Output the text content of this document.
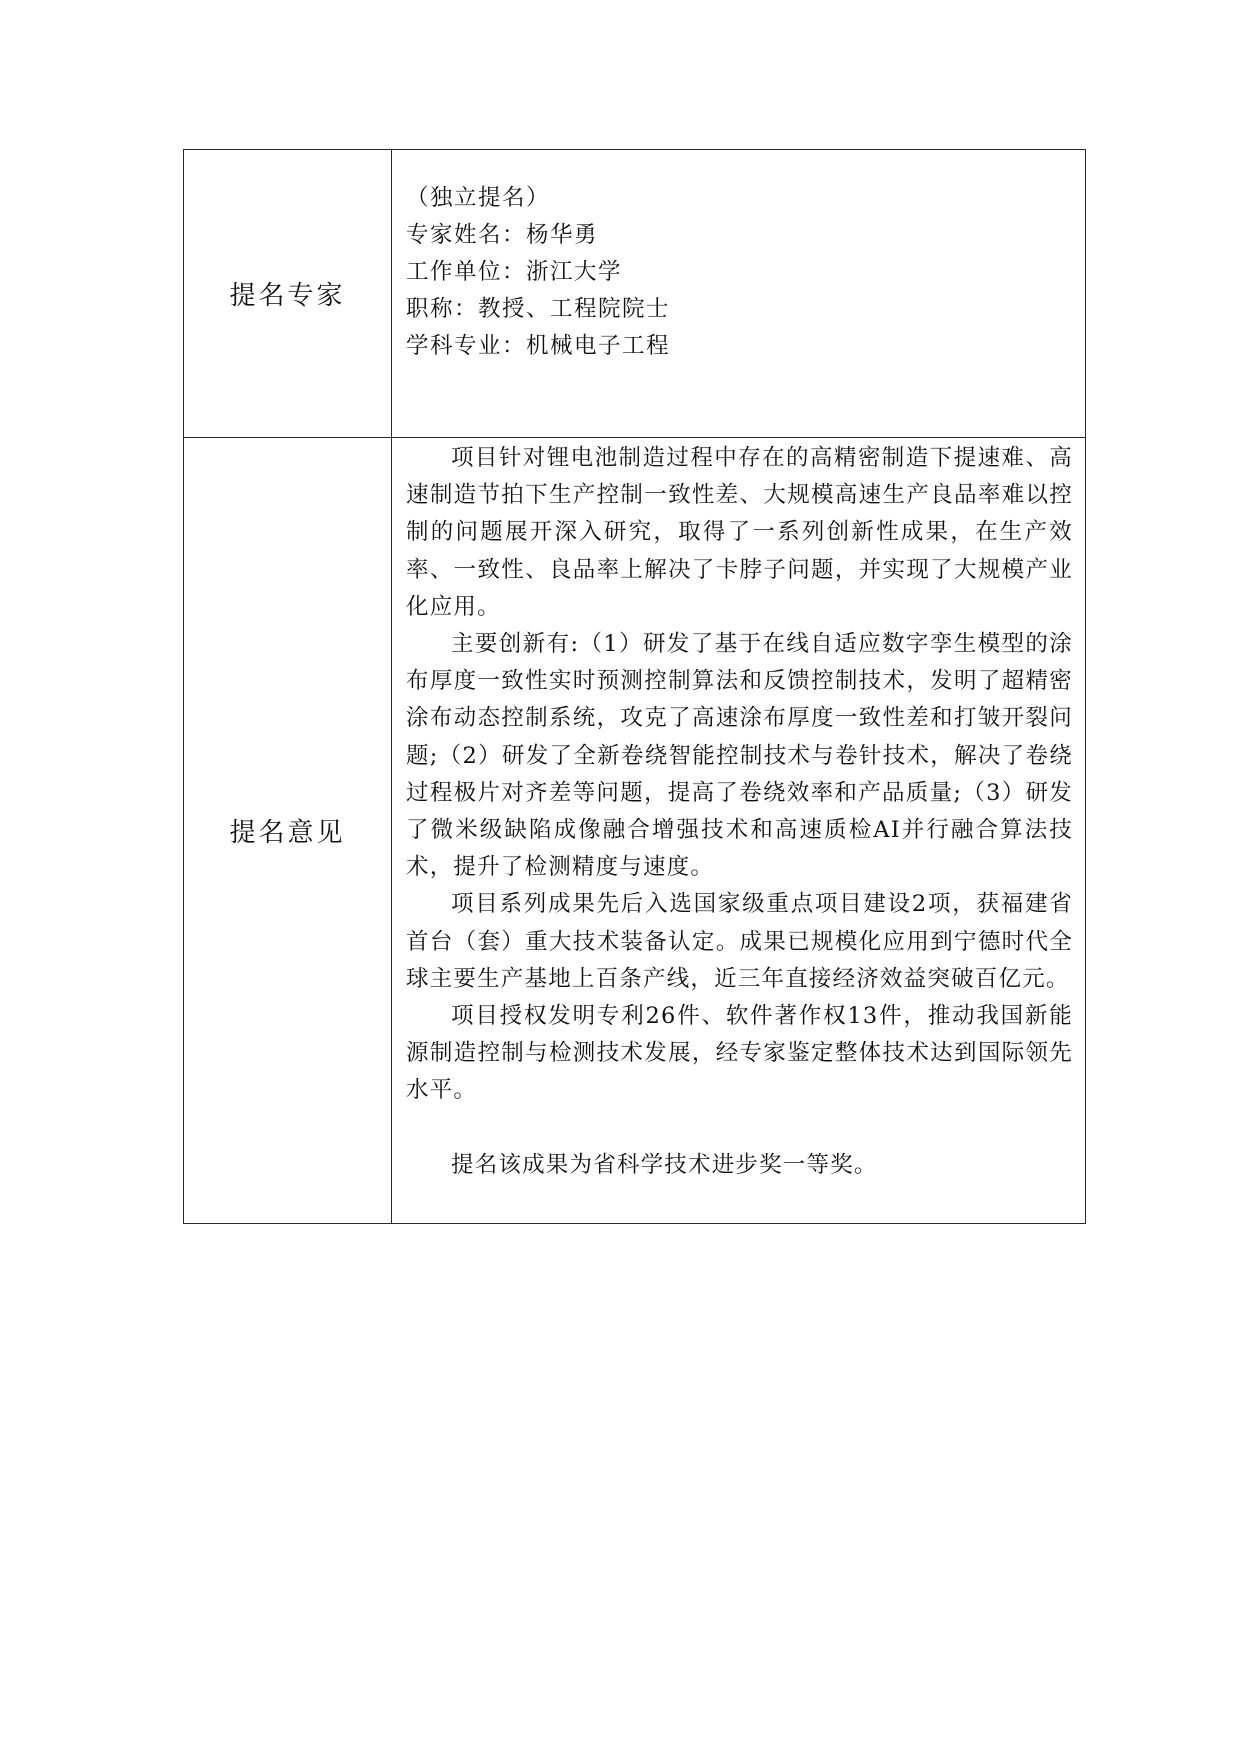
提名专家	（独立提名）
专家姓名：杨华勇
工作单位：浙江大学
职称：教授、工程院院士
学科专业：机械电子工程

提名意见	项目针对锂电池制造过程中存在的高精密制造下提速难、高速制造节拍下生产控制一致性差、大规模高速生产良品率难以控制的问题展开深入研究，取得了一系列创新性成果，在生产效率、一致性、良品率上解决了卡脖子问题，并实现了大规模产业化应用。

主要创新有:（1）研发了基于在线自适应数字孪生模型的涂布厚度一致性实时预测控制算法和反馈控制技术，发明了超精密涂布动态控制系统，攻克了高速涂布厚度一致性差和打皱开裂问题;（2）研发了全新卷绕智能控制技术与卷针技术，解决了卷绕过程极片对齐差等问题，提高了卷绕效率和产品质量;（3）研发了微米级缺陷成像融合增强技术和高速质检AI并行融合算法技术，提升了检测精度与速度。

项目系列成果先后入选国家级重点项目建设2项，获福建省首台（套）重大技术装备认定。成果已规模化应用到宁德时代全球主要生产基地上百条产线，近三年直接经济效益突破百亿元。

项目授权发明专利26件、软件著作权13件，推动我国新能源制造控制与检测技术发展，经专家鉴定整体技术达到国际领先水平。

提名该成果为省科学技术进步奖一等奖。
